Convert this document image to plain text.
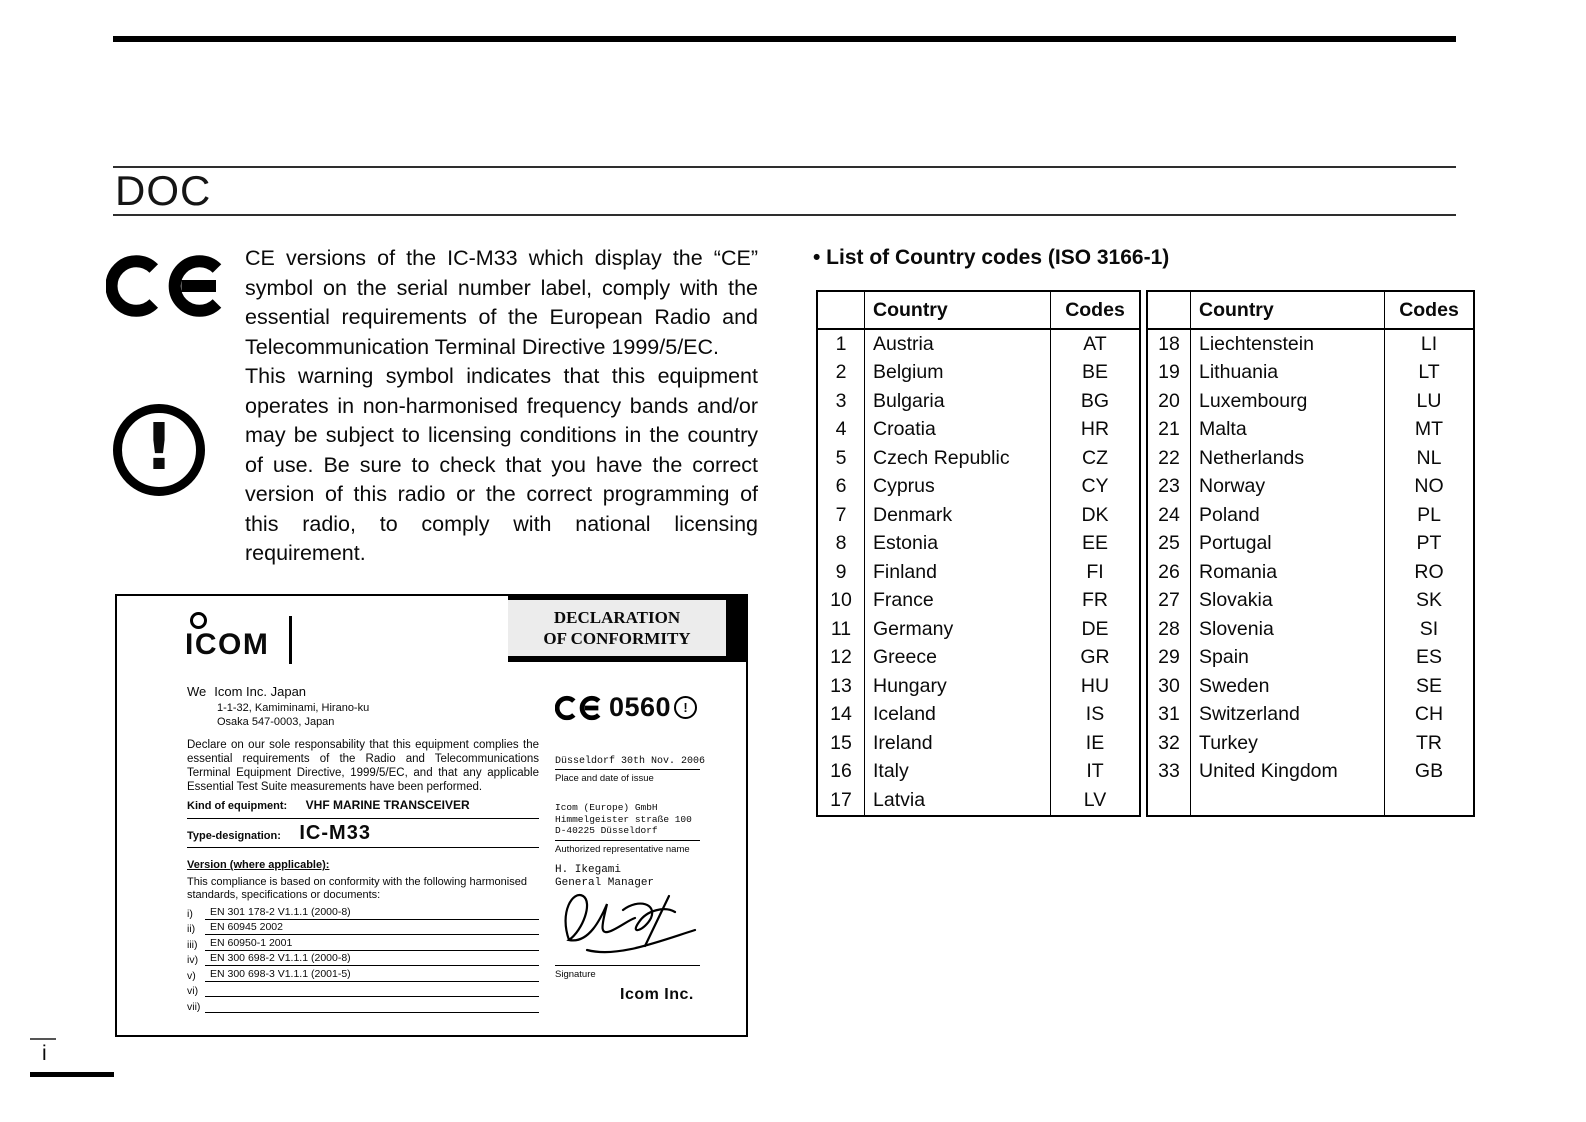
DOC
!

CE versions of the IC-M33 which display the “CE” symbol on the serial number label, comply with the essential requirements of the European Radio and Telecommunication Terminal Directive 1999/5/EC.

This warning symbol indicates that this equipment operates in non-harmonised frequency bands and/or may be subject to licensing conditions in the country of use. Be sure to check that you have the correct version of this radio or the correct programming of this radio, to comply with national licensing requirement.

• List of Country codes (ISO 3166-1)
	Country	Codes
1	Austria	AT
2	Belgium	BE
3	Bulgaria	BG
4	Croatia	HR
5	Czech Republic	CZ
6	Cyprus	CY
7	Denmark	DK
8	Estonia	EE
9	Finland	FI
10	France	FR
11	Germany	DE
12	Greece	GR
13	Hungary	HU
14	Iceland	IS
15	Ireland	IE
16	Italy	IT
17	Latvia	LV
	Country	Codes
18	Liechtenstein	LI
19	Lithuania	LT
20	Luxembourg	LU
21	Malta	MT
22	Netherlands	NL
23	Norway	NO
24	Poland	PL
25	Portugal	PT
26	Romania	RO
27	Slovakia	SK
28	Slovenia	SI
29	Spain	ES
30	Sweden	SE
31	Switzerland	CH
32	Turkey	TR
33	United Kingdom	GB

ICOM
DECLARATION
OF CONFORMITY
We Icom Inc. Japan
1-1-32, Kamiminami, Hirano-ku
Osaka 547-0003, Japan
Declare on our sole responsability that this equipment complies the essential requirements of the Radio and Telecommunications Terminal Equipment Directive, 1999/5/EC, and that any applicable Essential Test Suite measurements have been performed.
Kind of equipment: VHF MARINE TRANSCEIVER
Type-designation: IC-M33
Version (where applicable):
This compliance is based on conformity with the following harmonised standards, specifications or documents:
i)	EN 301 178-2 V1.1.1 (2000-8)
ii)	EN 60945 2002
iii)	EN 60950-1 2001
iv)	EN 300 698-2 V1.1.1 (2000-8)
v)	EN 300 698-3 V1.1.1 (2001-5)
vi)
vii)
0560 !
Düsseldorf 30th Nov. 2006
Place and date of issue
Icom (Europe) GmbH
Himmelgeister straße 100
D-40225 Düsseldorf
Authorized representative name
H. Ikegami
General Manager
Signature
Icom Inc.
i
